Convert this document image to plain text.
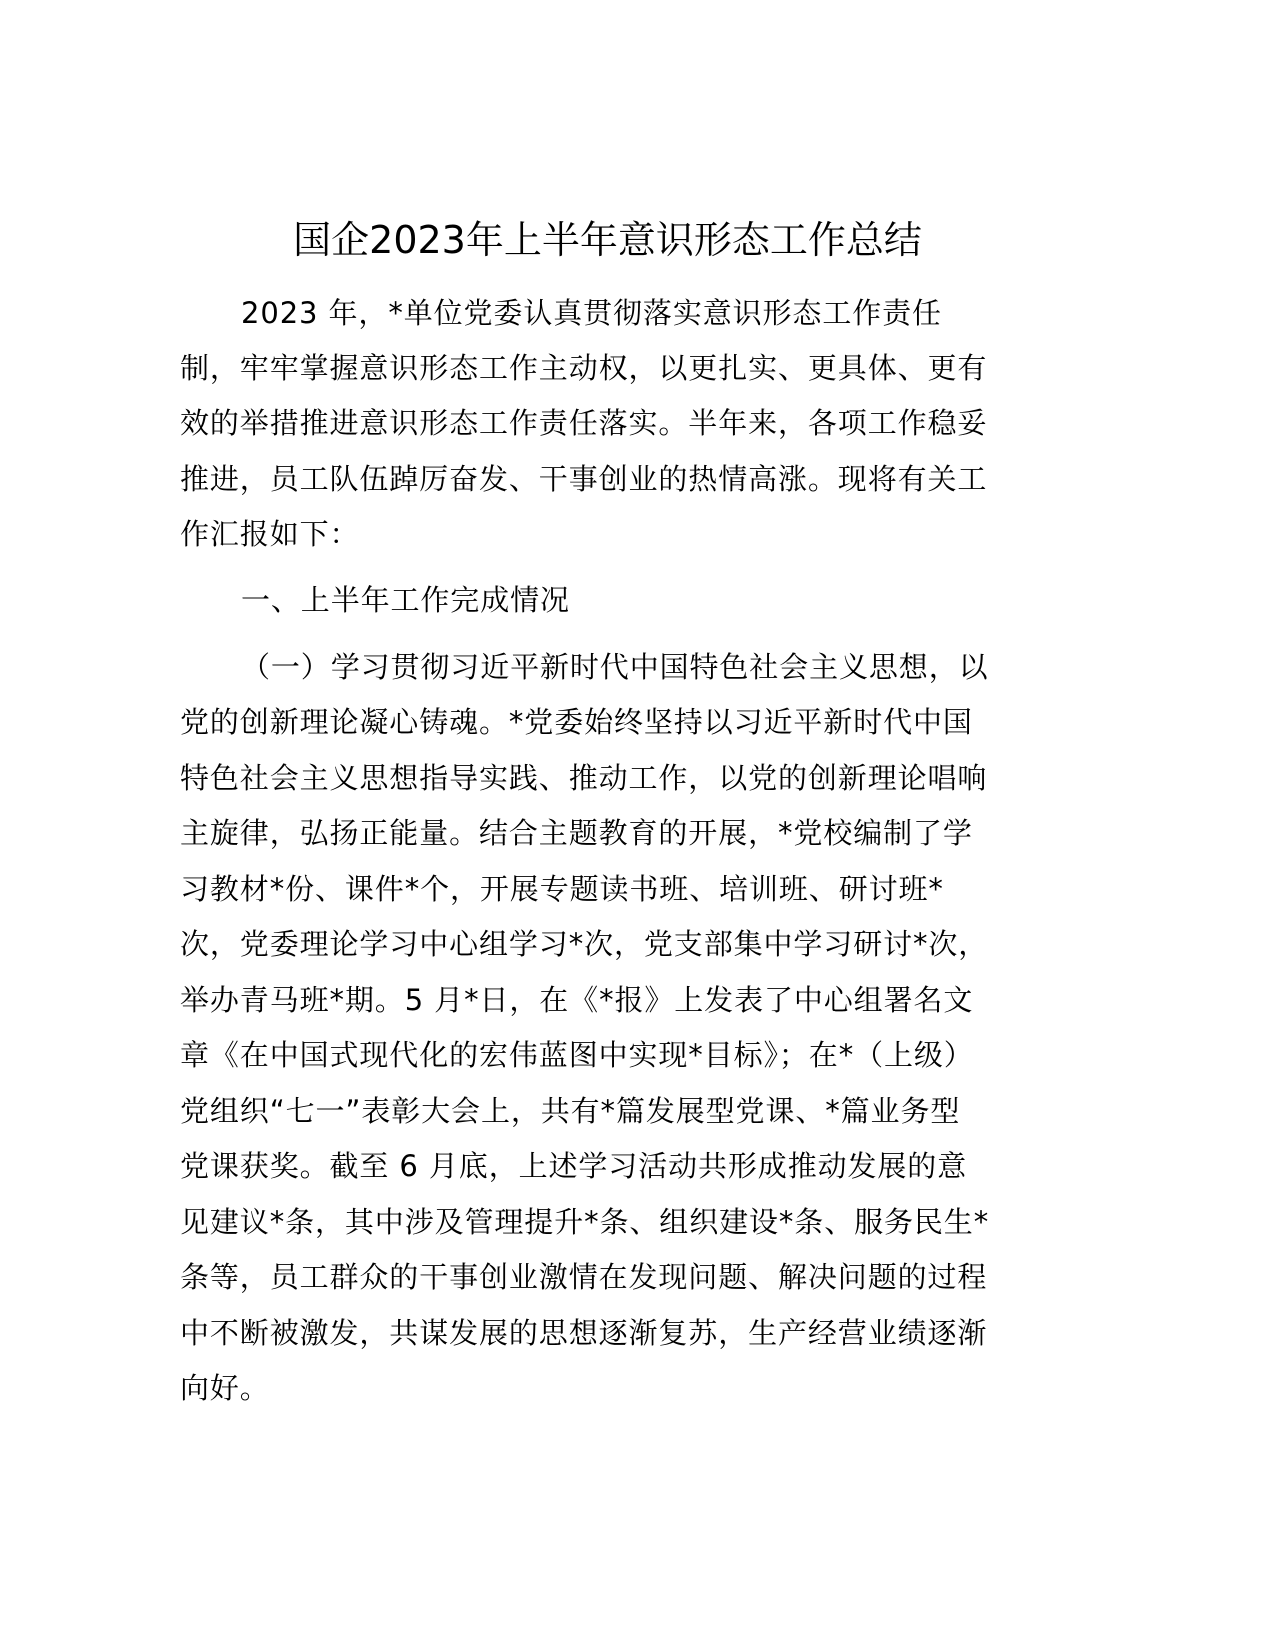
国企2023年上半年意识形态工作总结
2023 年，*单位党委认真贯彻落实意识形态工作责任
制，牢牢掌握意识形态工作主动权，以更扎实、更具体、更有
效的举措推进意识形态工作责任落实。半年来，各项工作稳妥
推进，员工队伍踔厉奋发、干事创业的热情高涨。现将有关工
作汇报如下：
一、上半年工作完成情况
（一）学习贯彻习近平新时代中国特色社会主义思想，以
党的创新理论凝心铸魂。*党委始终坚持以习近平新时代中国
特色社会主义思想指导实践、推动工作，以党的创新理论唱响
主旋律，弘扬正能量。结合主题教育的开展，*党校编制了学
习教材*份、课件*个，开展专题读书班、培训班、研讨班*
次，党委理论学习中心组学习*次，党支部集中学习研讨*次，
举办青马班*期。5 月*日，在《*报》上发表了中心组署名文
章《在中国式现代化的宏伟蓝图中实现*目标》；在*（上级）
党组织“七一”表彰大会上，共有*篇发展型党课、*篇业务型
党课获奖。截至 6 月底，上述学习活动共形成推动发展的意
见建议*条，其中涉及管理提升*条、组织建设*条、服务民生*
条等，员工群众的干事创业激情在发现问题、解决问题的过程
中不断被激发，共谋发展的思想逐渐复苏，生产经营业绩逐渐
向好。
